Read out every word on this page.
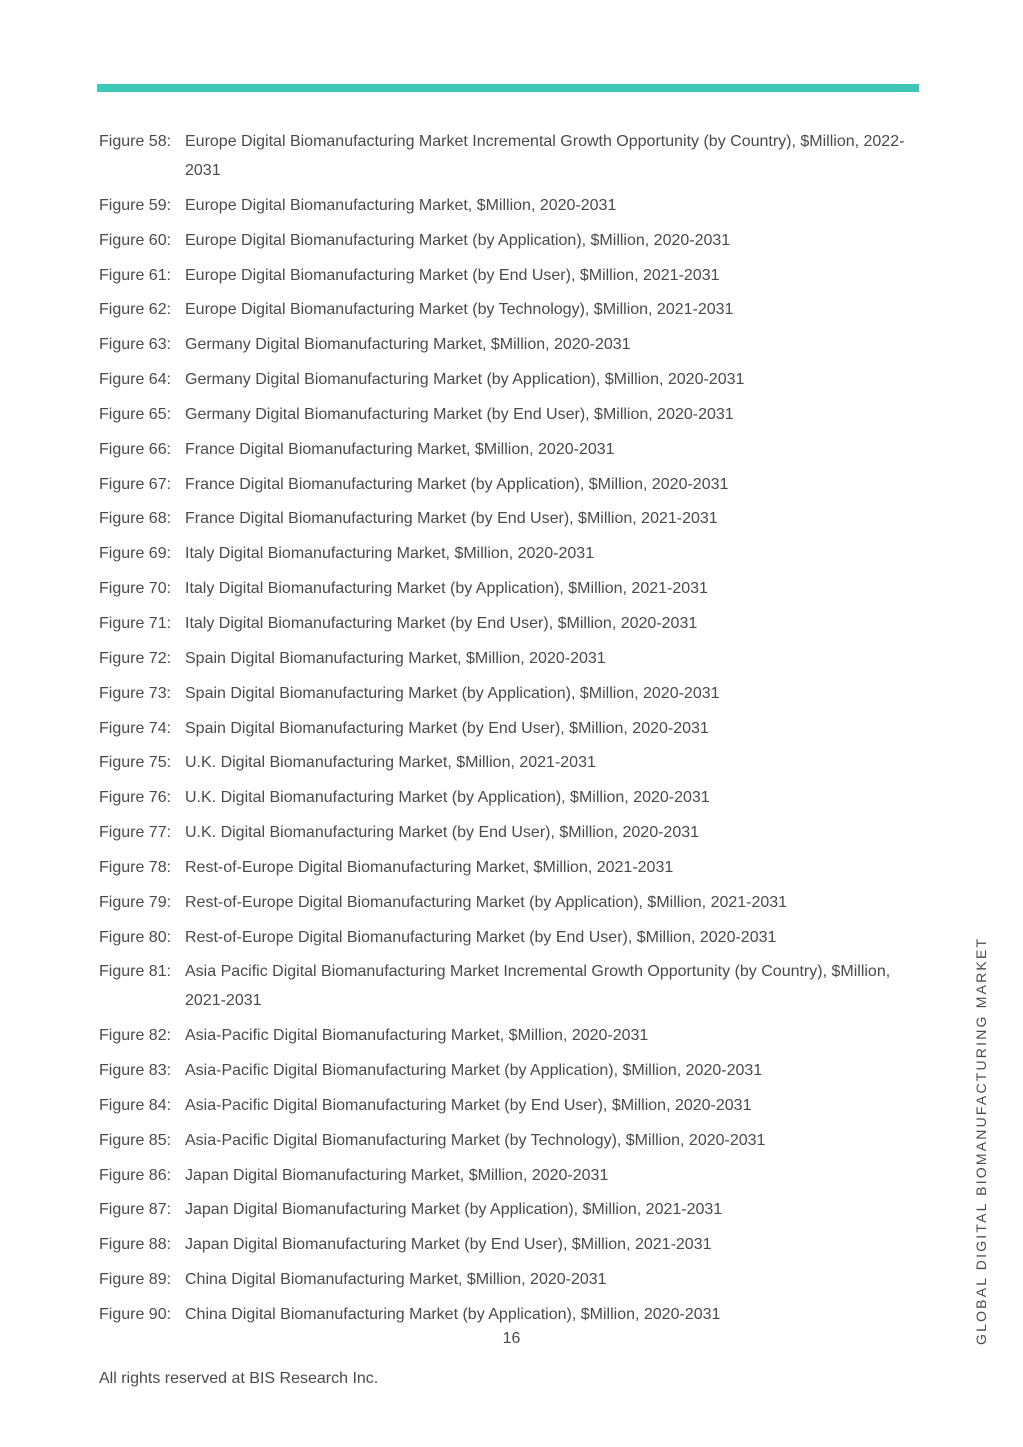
Figure 58: Europe Digital Biomanufacturing Market Incremental Growth Opportunity (by Country), $Million, 2022-2031
Figure 59: Europe Digital Biomanufacturing Market, $Million, 2020-2031
Figure 60: Europe Digital Biomanufacturing Market (by Application), $Million, 2020-2031
Figure 61: Europe Digital Biomanufacturing Market (by End User), $Million, 2021-2031
Figure 62: Europe Digital Biomanufacturing Market (by Technology), $Million, 2021-2031
Figure 63: Germany Digital Biomanufacturing Market, $Million, 2020-2031
Figure 64: Germany Digital Biomanufacturing Market (by Application), $Million, 2020-2031
Figure 65: Germany Digital Biomanufacturing Market (by End User), $Million, 2020-2031
Figure 66: France Digital Biomanufacturing Market, $Million, 2020-2031
Figure 67: France Digital Biomanufacturing Market (by Application), $Million, 2020-2031
Figure 68: France Digital Biomanufacturing Market (by End User), $Million, 2021-2031
Figure 69: Italy Digital Biomanufacturing Market, $Million, 2020-2031
Figure 70: Italy Digital Biomanufacturing Market (by Application), $Million, 2021-2031
Figure 71: Italy Digital Biomanufacturing Market (by End User), $Million, 2020-2031
Figure 72: Spain Digital Biomanufacturing Market, $Million, 2020-2031
Figure 73: Spain Digital Biomanufacturing Market (by Application), $Million, 2020-2031
Figure 74: Spain Digital Biomanufacturing Market (by End User), $Million, 2020-2031
Figure 75: U.K. Digital Biomanufacturing Market, $Million, 2021-2031
Figure 76: U.K. Digital Biomanufacturing Market (by Application), $Million, 2020-2031
Figure 77: U.K. Digital Biomanufacturing Market (by End User), $Million, 2020-2031
Figure 78: Rest-of-Europe Digital Biomanufacturing Market, $Million, 2021-2031
Figure 79: Rest-of-Europe Digital Biomanufacturing Market (by Application), $Million, 2021-2031
Figure 80: Rest-of-Europe Digital Biomanufacturing Market (by End User), $Million, 2020-2031
Figure 81: Asia Pacific Digital Biomanufacturing Market Incremental Growth Opportunity (by Country), $Million, 2021-2031
Figure 82: Asia-Pacific Digital Biomanufacturing Market, $Million, 2020-2031
Figure 83: Asia-Pacific Digital Biomanufacturing Market (by Application), $Million, 2020-2031
Figure 84: Asia-Pacific Digital Biomanufacturing Market (by End User), $Million, 2020-2031
Figure 85: Asia-Pacific Digital Biomanufacturing Market (by Technology), $Million, 2020-2031
Figure 86: Japan Digital Biomanufacturing Market, $Million, 2020-2031
Figure 87: Japan Digital Biomanufacturing Market (by Application), $Million, 2021-2031
Figure 88: Japan Digital Biomanufacturing Market (by End User), $Million, 2021-2031
Figure 89: China Digital Biomanufacturing Market, $Million, 2020-2031
Figure 90: China Digital Biomanufacturing Market (by Application), $Million, 2020-2031
16
All rights reserved at BIS Research Inc.
GLOBAL DIGITAL BIOMANUFACTURING MARKET
